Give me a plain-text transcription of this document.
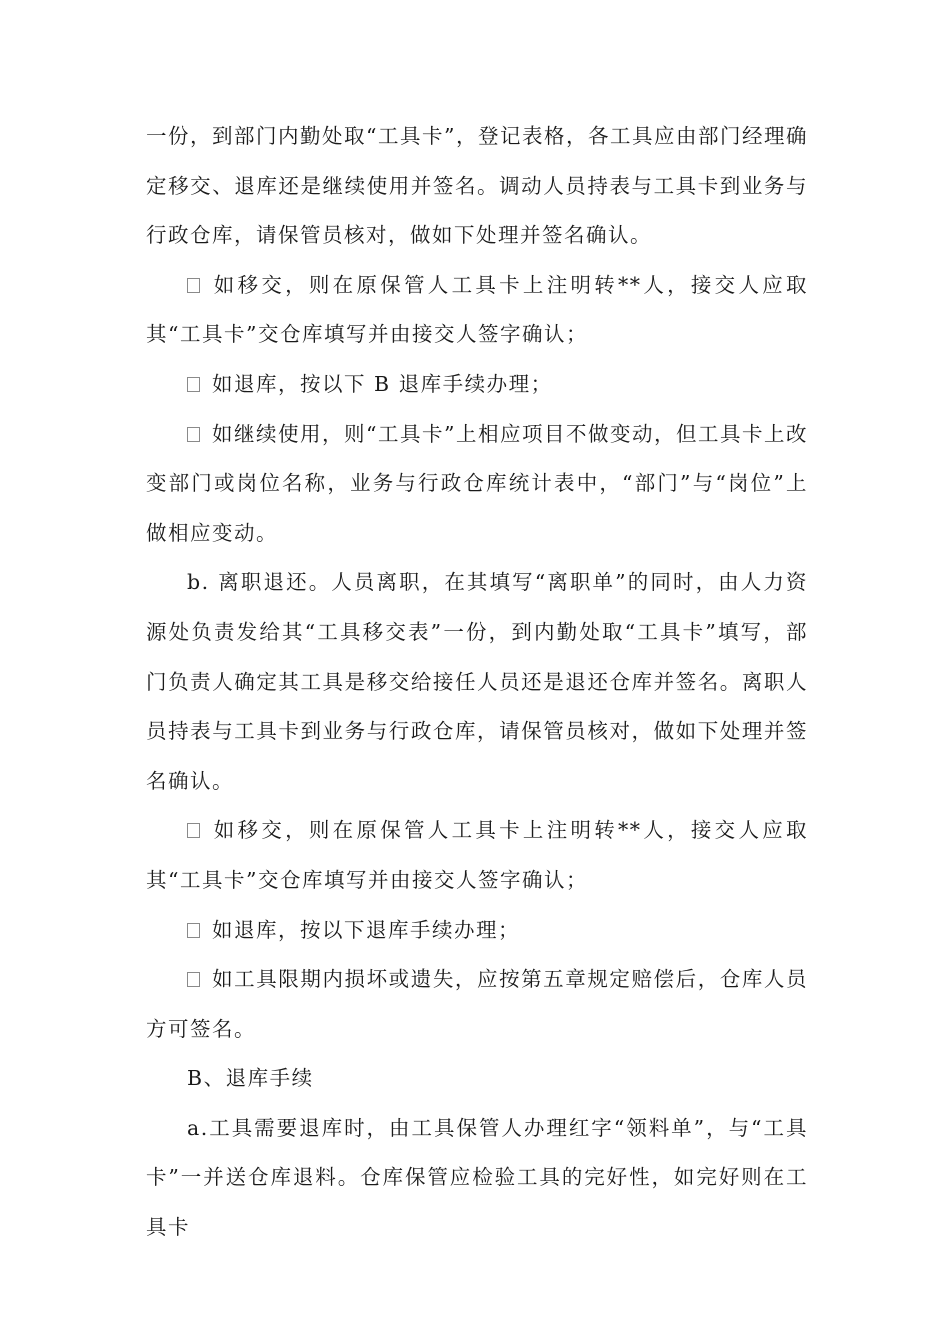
一份，到部门内勤处取“工具卡”，登记表格，各工具应由部门经理确定移交、退库还是继续使用并签名。调动人员持表与工具卡到业务与行政仓库，请保管员核对，做如下处理并签名确认。

如移交，则在原保管人工具卡上注明转**人，接交人应取其“工具卡”交仓库填写并由接交人签字确认；

如退库，按以下 B 退库手续办理；

如继续使用，则“工具卡”上相应项目不做变动，但工具卡上改变部门或岗位名称，业务与行政仓库统计表中，“部门”与“岗位”上做相应变动。

b. 离职退还。人员离职，在其填写“离职单”的同时，由人力资源处负责发给其“工具移交表”一份，到内勤处取“工具卡”填写，部门负责人确定其工具是移交给接任人员还是退还仓库并签名。离职人员持表与工具卡到业务与行政仓库，请保管员核对，做如下处理并签名确认。

如移交，则在原保管人工具卡上注明转**人，接交人应取其“工具卡”交仓库填写并由接交人签字确认；

如退库，按以下退库手续办理；

如工具限期内损坏或遗失，应按第五章规定赔偿后，仓库人员方可签名。

B、退库手续

a.工具需要退库时，由工具保管人办理红字“领料单”，与“工具卡”一并送仓库退料。仓库保管应检验工具的完好性，如完好则在工具卡
